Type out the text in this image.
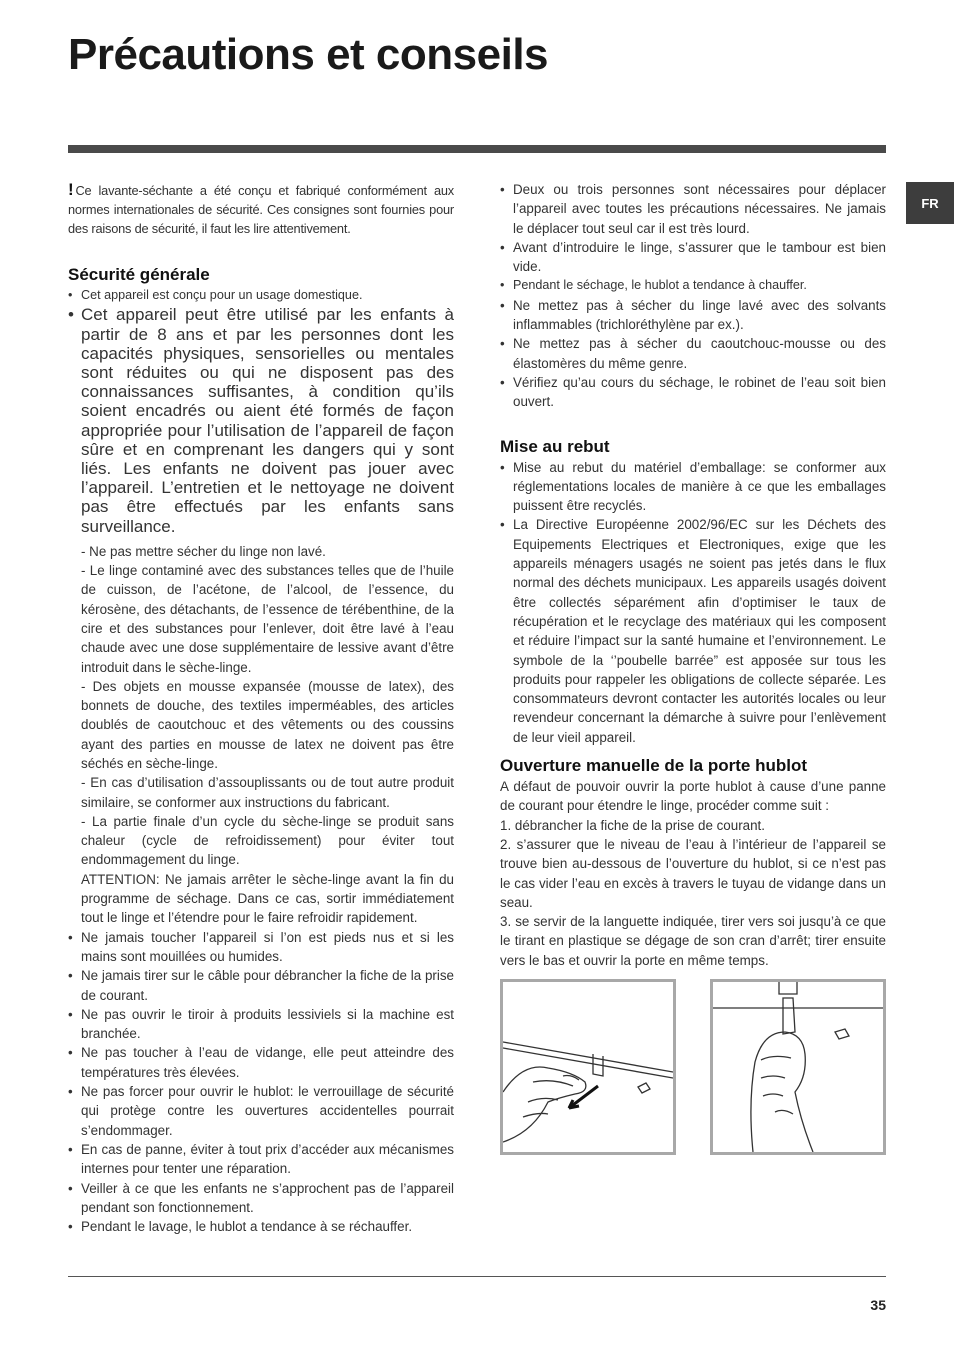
Précautions et conseils
FR

! Ce lavante-séchante a été conçu et fabriqué conformément aux normes internationales de sécurité. Ces consignes sont fournies pour des raisons de sécurité, il faut les lire attentivement.

Sécurité générale
• Cet appareil est conçu pour un usage domestique.
• Cet appareil peut être utilisé par les enfants à partir de 8 ans et par les personnes dont les capacités physiques, sensorielles ou mentales sont réduites ou qui ne disposent pas des connaissances suffisantes, à condition qu’ils soient encadrés ou aient été formés de façon appropriée pour l’utilisation de l’appareil de façon sûre et en comprenant les dangers qui y sont liés. Les enfants ne doivent pas jouer avec l’appareil. L’entretien et le nettoyage ne doivent pas être effectués par les enfants sans surveillance.

- Ne pas mettre sécher du linge non lavé.

- Le linge contaminé avec des substances telles que de l’huile de cuisson, de l’acétone, de l’alcool, de l’essence, du kérosène, des détachants, de l’essence de térébenthine, de la cire et des substances pour l’enlever, doit être lavé à l’eau chaude avec une dose supplémentaire de lessive avant d’être introduit dans le sèche-linge.

- Des objets en mousse expansée (mousse de latex), des bonnets de douche, des textiles imperméables, des articles doublés de caoutchouc et des vêtements ou des coussins ayant des parties en mousse de latex ne doivent pas être séchés en sèche-linge.

- En cas d’utilisation d’assouplissants ou de tout autre produit similaire, se conformer aux instructions du fabricant.

- La partie finale d’un cycle du sèche-linge se produit sans chaleur (cycle de refroidissement) pour éviter tout endommagement du linge.

ATTENTION: Ne jamais arrêter le sèche-linge avant la fin du programme de séchage. Dans ce cas, sortir immédiatement tout le linge et l’étendre pour le faire refroidir rapidement.

• Ne jamais toucher l’appareil si l’on est pieds nus et si les mains sont mouillées ou humides.
• Ne jamais tirer sur le câble pour débrancher la fiche de la prise de courant.
• Ne pas ouvrir le tiroir à produits lessiviels si la machine est branchée.
• Ne pas toucher à l’eau de vidange, elle peut atteindre des températures très élevées.
• Ne pas forcer pour ouvrir le hublot: le verrouillage de sécurité qui protège contre les ouvertures accidentelles pourrait s’endommager.
• En cas de panne, éviter à tout prix d’accéder aux mécanismes internes pour tenter une réparation.
• Veiller à ce que les enfants ne s’approchent pas de l’appareil pendant son fonctionnement.
• Pendant le lavage, le hublot a tendance à se réchauffer.
• Deux ou trois personnes sont nécessaires pour déplacer l’appareil avec toutes les précautions nécessaires. Ne jamais le déplacer tout seul car il est très lourd.
• Avant d’introduire le linge, s’assurer que le tambour est bien vide.
• Pendant le séchage, le hublot a tendance à chauffer.
• Ne mettez pas à sécher du linge lavé avec des solvants inflammables (trichloréthylène par ex.).
• Ne mettez pas à sécher du caoutchouc-mousse ou des élastomères du même genre.
• Vérifiez qu’au cours du séchage, le robinet de l’eau soit bien ouvert.
Mise au rebut
• Mise au rebut du matériel d’emballage: se conformer aux réglementations locales de manière à ce que les emballages puissent être recyclés.
• La Directive Européenne 2002/96/EC sur les Déchets des Equipements Electriques et Electroniques, exige que les appareils ménagers usagés ne soient pas jetés dans le flux normal des déchets municipaux. Les appareils usagés doivent être collectés séparément afin d’optimiser le taux de récupération et le recyclage des matériaux qui les composent et réduire l’impact sur la santé humaine et l’environnement. Le symbole de la ‘’poubelle barrée” est apposée sur tous les produits pour rappeler les obligations de collecte séparée. Les consommateurs devront contacter les autorités locales ou leur revendeur concernant la démarche à suivre pour l’enlèvement de leur vieil appareil.
Ouverture manuelle de la porte hublot

A défaut de pouvoir ouvrir la porte hublot à cause d’une panne de courant pour étendre le linge, procéder comme suit :

1. débrancher la fiche de la prise de courant.

2. s’assurer que le niveau de l’eau à l’intérieur de l’appareil se trouve bien au-dessous de l’ouverture du hublot, si ce n’est pas le cas vider l’eau en excès à travers le tuyau de vidange dans un seau.

3. se servir de la languette indiquée, tirer vers soi jusqu’à ce que le tirant en plastique se dégage de son cran d’arrêt; tirer ensuite vers le bas et ouvrir la porte en même temps.

35
